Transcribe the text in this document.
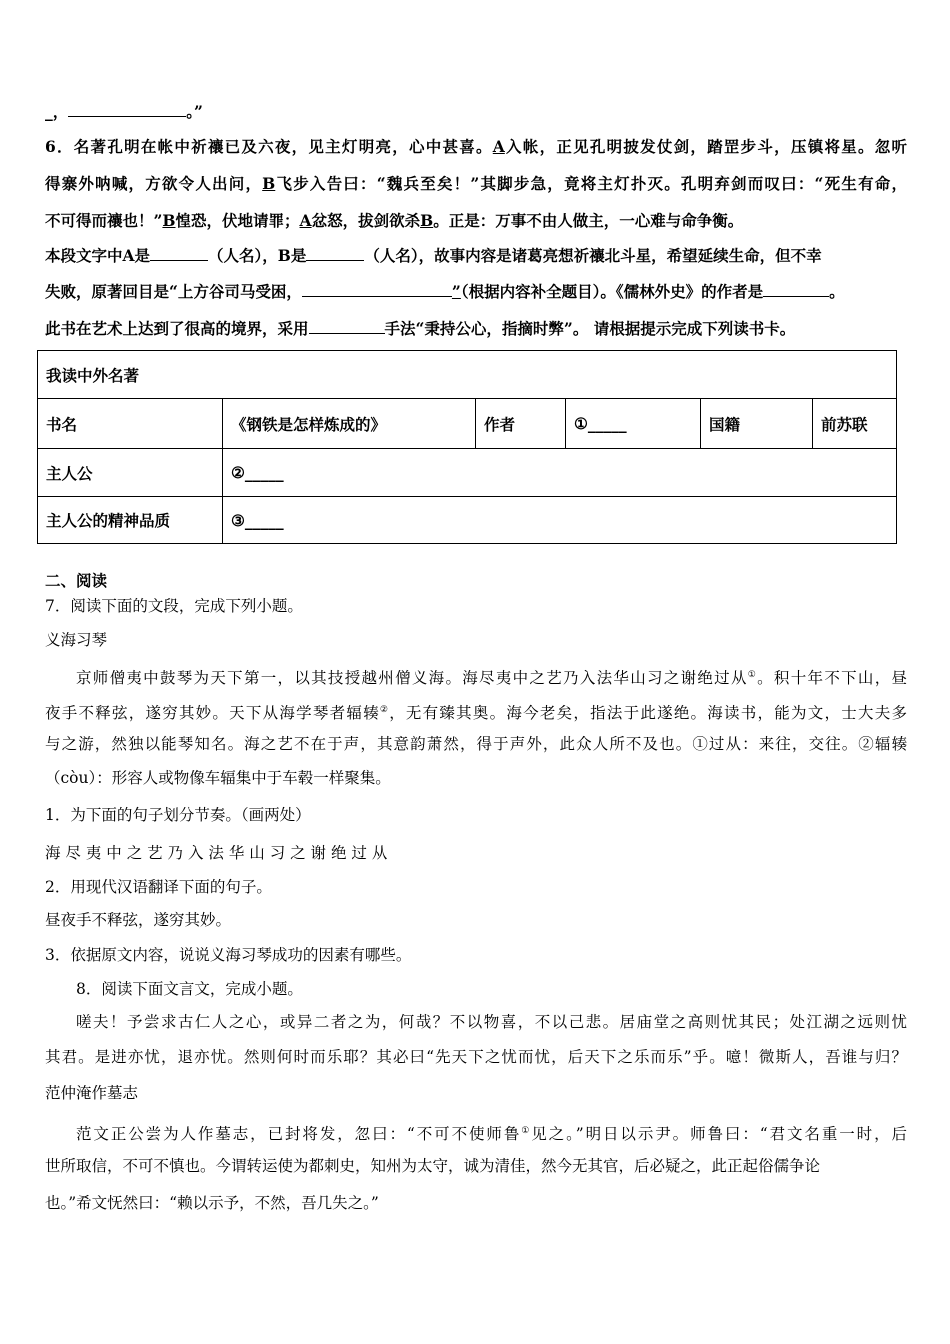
_，	。”
6．名著孔明在帐中祈禳已及六夜，见主灯明亮，心中甚喜。A入帐，正见孔明披发仗剑，踏罡步斗，压镇将星。忽听
得寨外呐喊，方欲令人出问，B飞步入告曰：“魏兵至矣！”其脚步急，竟将主灯扑灭。孔明弃剑而叹曰：“死生有命，
不可得而禳也！”B惶恐，伏地请罪；A忿怒，拔剑欲杀B。正是：万事不由人做主，一心难与命争衡。
本段文字中A是	（人名），B是	（人名），故事内容是诸葛亮想祈禳北斗星，希望延续生命，但不幸
失败，原著回目是“上方谷司马受困，	”（根据内容补全题目）。《儒林外史》的作者是	。
此书在艺术上达到了很高的境界，采用	手法“秉持公心，指摘时弊”。 请根据提示完成下列读书卡。
我读中外名著					
书名	《钢铁是怎样炼成的》	作者	①_____	国籍	前苏联
主人公	②_____				
主人公的精神品质	③_____				
二、阅读
7．阅读下面的文段，完成下列小题。
义海习琴
京师僧夷中鼓琴为天下第一，以其技授越州僧义海。海尽夷中之艺乃入法华山习之谢绝过从①。积十年不下山，昼
夜手不释弦，遂穷其妙。天下从海学琴者辐辏②，无有臻其奥。海今老矣，指法于此遂绝。海读书，能为文，士大夫多
与之游，然独以能琴知名。海之艺不在于声，其意韵萧然，得于声外，此众人所不及也。①过从：来往，交往。②辐辏
（còu）：形容人或物像车辐集中于车毂一样聚集。
1．为下面的句子划分节奏。（画两处）
海 尽 夷 中 之 艺 乃 入 法 华 山 习 之 谢 绝 过 从
2．用现代汉语翻译下面的句子。
昼夜手不释弦，遂穷其妙。
3．依据原文内容，说说义海习琴成功的因素有哪些。
8．阅读下面文言文，完成小题。
嗟夫！予尝求古仁人之心，或异二者之为，何哉？不以物喜，不以己悲。居庙堂之高则忧其民；处江湖之远则忧
其君。是进亦忧，退亦忧。然则何时而乐耶？其必曰“先天下之忧而忧，后天下之乐而乐”乎。噫！微斯人，吾谁与归？
范仲淹作墓志
范文正公尝为人作墓志，已封将发，忽曰：“不可不使师鲁①见之。”明日以示尹。师鲁曰：“君文名重一时，后
世所取信，不可不慎也。今谓转运使为都刺史，知州为太守，诚为清佳，然今无其官，后必疑之，此正起俗儒争论
也。”希文怃然曰：“赖以示予，不然，吾几失之。”
